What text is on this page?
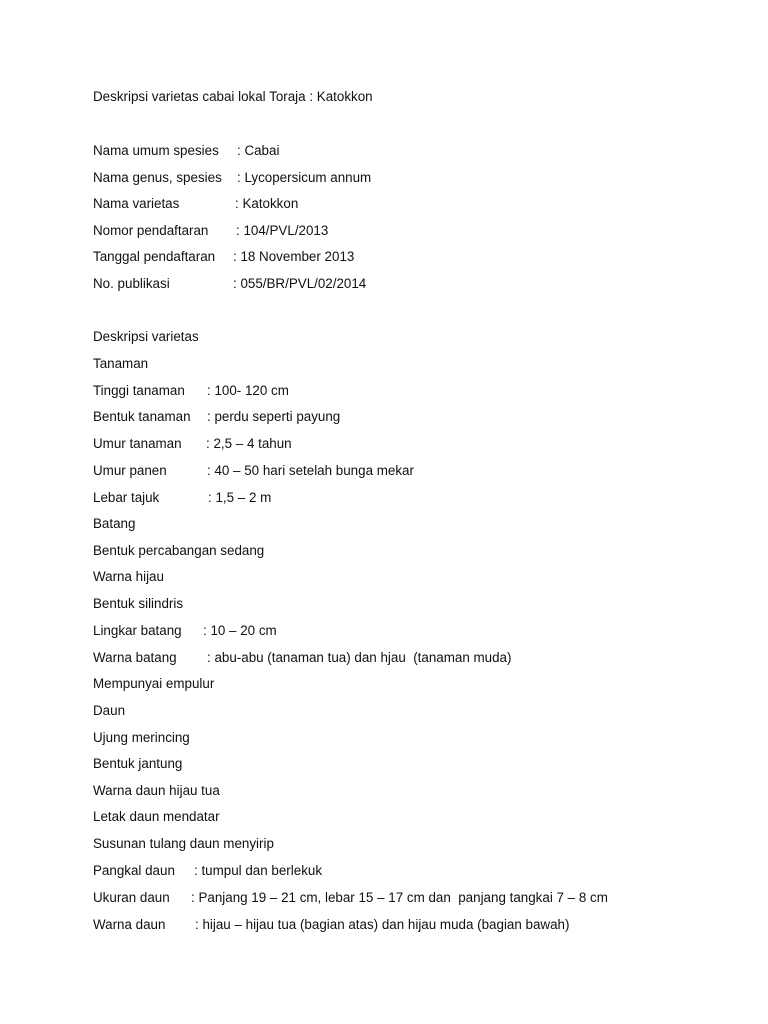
Deskripsi varietas cabai lokal Toraja : Katokkon

Nama umum spesies

: Cabai

Nama genus, spesies

: Lycopersicum annum

Nama varietas

	: Katokkon

Nomor pendaftaran

: 104/PVL/2013

Tanggal pendaftaran

: 18 November 2013

No. publikasi

	: 055/BR/PVL/02/2014

Deskripsi varietas
Tanaman

Tinggi tanaman

: 100- 120 cm

Bentuk tanaman

: perdu seperti payung

Umur tanaman

: 2,5 – 4 tahun

Umur panen

	: 40 – 50 hari setelah bunga mekar

Lebar tajuk

	: 1,5 – 2 m

Batang
Bentuk percabangan sedang
Warna hijau
Bentuk silindris

Lingkar batang

: 10 – 20 cm

Warna batang

: abu-abu (tanaman tua) dan hjau  (tanaman muda)

Mempunyai empulur
Daun
Ujung merincing
Bentuk jantung
Warna daun hijau tua
Letak daun mendatar
Susunan tulang daun menyirip

Pangkal daun

: tumpul dan berlekuk

Ukuran daun

: Panjang 19 – 21 cm, lebar 15 – 17 cm dan  panjang tangkai 7 – 8 cm

Warna daun

: hijau – hijau tua (bagian atas) dan hijau muda (bagian bawah)
